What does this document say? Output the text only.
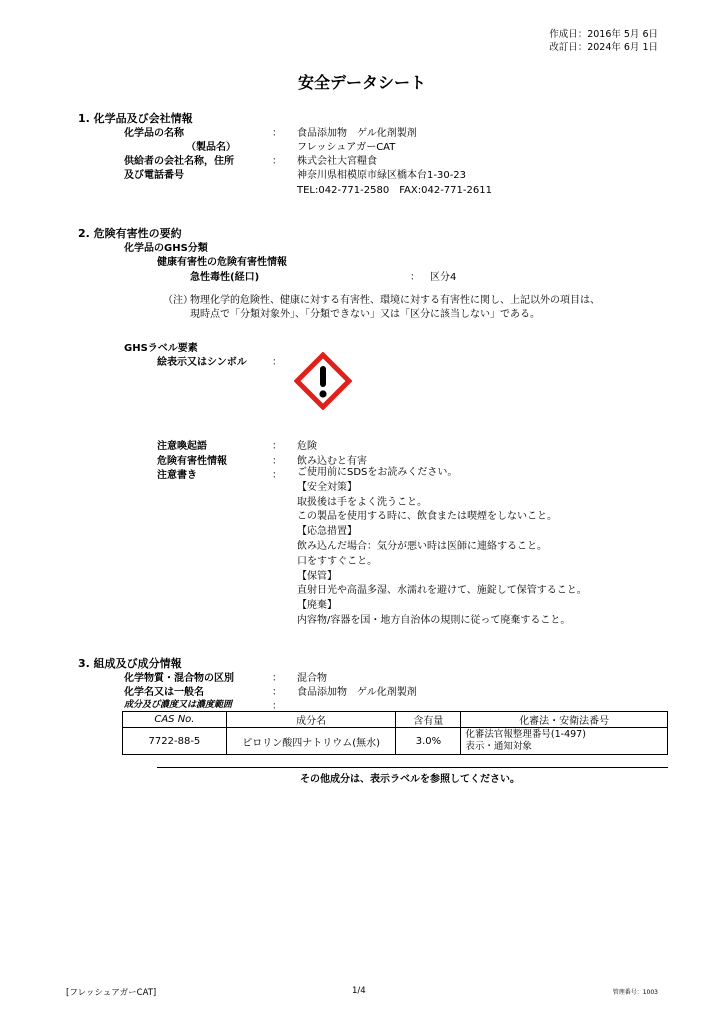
作成日：2016年 5月 6日
改訂日：2024年 6月 1日
安全データシート
1. 化学品及び会社情報
化学品の名称	： 食品添加物　ゲル化剤製剤
（製品名）	フレッシュアガーCAT
供給者の会社名称，住所	： 株式会社大宮糧食
及び電話番号	神奈川県相模原市緑区橋本台1-30-23
TEL:042-771-2580　FAX:042-771-2611
2. 危険有害性の要約
化学品のGHS分類
健康有害性の危険有害性情報
急性毒性(経口)	： 区分4
（注）
物理化学的危険性、健康に対する有害性、環境に対する有害性に関し、上記以外の項目は、
現時点で「分類対象外」、「分類できない」又は「区分に該当しない」である。
GHSラベル要素
絵表示又はシンボル	：
注意喚起語	： 危険
危険有害性情報	： 飲み込むと有害
注意書き	： ご使用前にSDSをお読みください。
【安全対策】
取扱後は手をよく洗うこと。
この製品を使用する時に、飲食または喫煙をしないこと。
【応急措置】
飲み込んだ場合：気分が悪い時は医師に連絡すること。
口をすすぐこと。
【保管】
直射日光や高温多湿、水濡れを避けて、施錠して保管すること。
【廃棄】
内容物/容器を国・地方自治体の規則に従って廃棄すること。
3. 組成及び成分情報
化学物質・混合物の区別	： 混合物
化学名又は一般名	： 食品添加物　ゲル化剤製剤
成分及び濃度又は濃度範囲	：
CAS No.	成分名	含有量	化審法・安衛法番号
7722-88-5	ピロリン酸四ナトリウム(無水)	3.0%	化審法官報整理番号(1-497)
表示・通知対象
その他成分は、表示ラベルを参照してください。
[フレッシュアガーCAT]	1/4	管理番号：1003
